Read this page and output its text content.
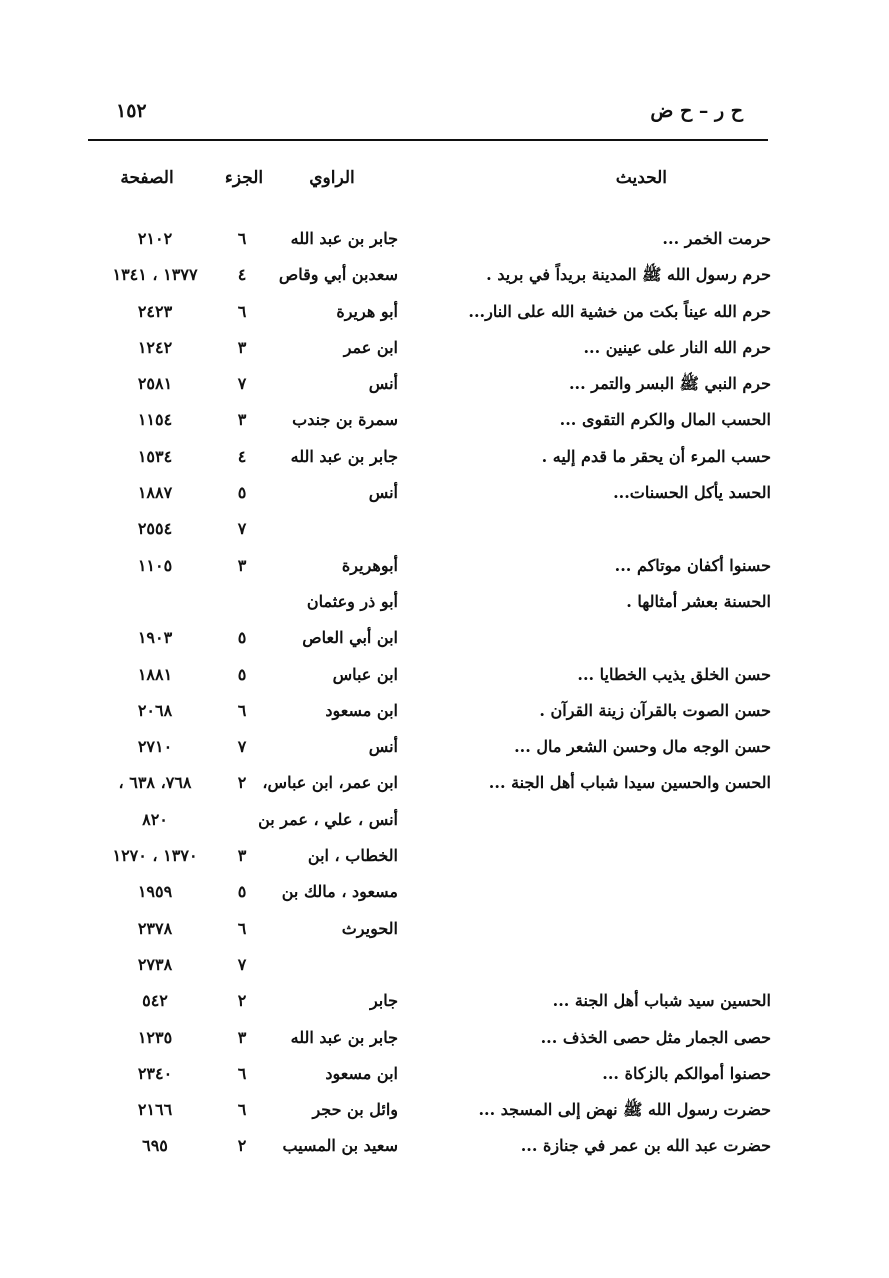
١٥٢	ح ر – ح ض
الحديث
الراوي
الجزء
الصفحة
حرمت الخمر ...
جابر بن عبد الله
٦
٢١٠٢
حرم رسول الله ﷺ المدينة بريداً في بريد .
سعدبن أبي وقاص
٤
١٣٧٧ ، ١٣٤١
حرم الله عيناً بكت من خشية الله على النار...
أبو هريرة
٦
٢٤٢٣
حرم الله النار على عينين ...
ابن عمر
٣
١٢٤٢
حرم النبي ﷺ البسر والتمر ...
أنس
٧
٢٥٨١
الحسب المال والكرم التقوى ...
سمرة بن جندب
٣
١١٥٤
حسب المرء أن يحقر ما قدم إليه .
جابر بن عبد الله
٤
١٥٣٤
الحسد يأكل الحسنات...
أنس
٥
١٨٨٧
٧
٢٥٥٤
حسنوا أكفان موتاكم ...
أبوهريرة
٣
١١٠٥
الحسنة بعشر أمثالها .
أبو ذر وعثمان
ابن أبي العاص
٥
١٩٠٣
حسن الخلق يذيب الخطايا ...
ابن عباس
٥
١٨٨١
حسن الصوت بالقرآن زينة القرآن .
ابن مسعود
٦
٢٠٦٨
حسن الوجه مال وحسن الشعر مال ...
أنس
٧
٢٧١٠
الحسن والحسين سيدا شباب أهل الجنة ...
ابن عمر، ابن عباس،
٢
٧٦٨، ٦٣٨ ،
أنس ، علي ، عمر بن
٨٢٠
الخطاب ، ابن
٣
١٣٧٠ ، ١٢٧٠
مسعود ، مالك بن
٥
١٩٥٩
الحويرث
٦
٢٣٧٨
٧
٢٧٣٨
الحسين سيد شباب أهل الجنة ...
جابر
٢
٥٤٢
حصى الجمار مثل حصى الخذف ...
جابر بن عبد الله
٣
١٢٣٥
حصنوا أموالكم بالزكاة ...
ابن مسعود
٦
٢٣٤٠
حضرت رسول الله ﷺ نهض إلى المسجد ...
وائل بن حجر
٦
٢١٦٦
حضرت عبد الله بن عمر في جنازة ...
سعيد بن المسيب
٢
٦٩٥
